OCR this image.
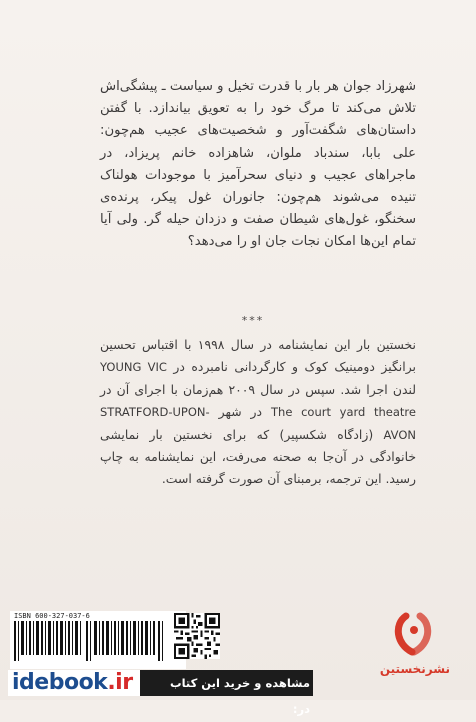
شهرزاد جوان هر بار با قدرت تخیل و سیاست ـ پیشگی‌اش تلاش می‌کند تا مرگ خود را به تعویق بیاندازد. با گفتن داستان‌های شگفت‌آور و شخصیت‌های عجیب هم‌چون: علی بابا، سندباد ملوان، شاهزاده خانم پریزاد، در ماجراهای عجیب و دنیای سحرآمیز با موجودات هولناک تنیده می‌شوند هم‌چون: جانوران غول پیکر، پرنده‌ی سخنگو، غول‌های شیطان صفت و دزدان حیله گر. ولی آیا تمام این‌ها امکان نجات جان او را می‌دهد؟
***
نخستین بار این نمایشنامه در سال ۱۹۹۸ با اقتباس تحسین برانگیز دومینیک کوک و کارگردانی نامبرده در YOUNG VIC لندن اجرا شد. سپس در سال ۲۰۰۹ هم‌زمان با اجرای آن در The court yard theatre در شهر STRATFORD-UPON-AVON (زادگاه شکسپیر) که برای نخستین بار نمایشی خانوادگی در آن‌جا به صحنه می‌رفت، این نمایشنامه به چاپ رسید. این ترجمه، برمبنای آن صورت گرفته است.
ISBN 600-327-037-6
idebook.ir	مشاهده و خرید این کتاب در:
نشرنخستین
